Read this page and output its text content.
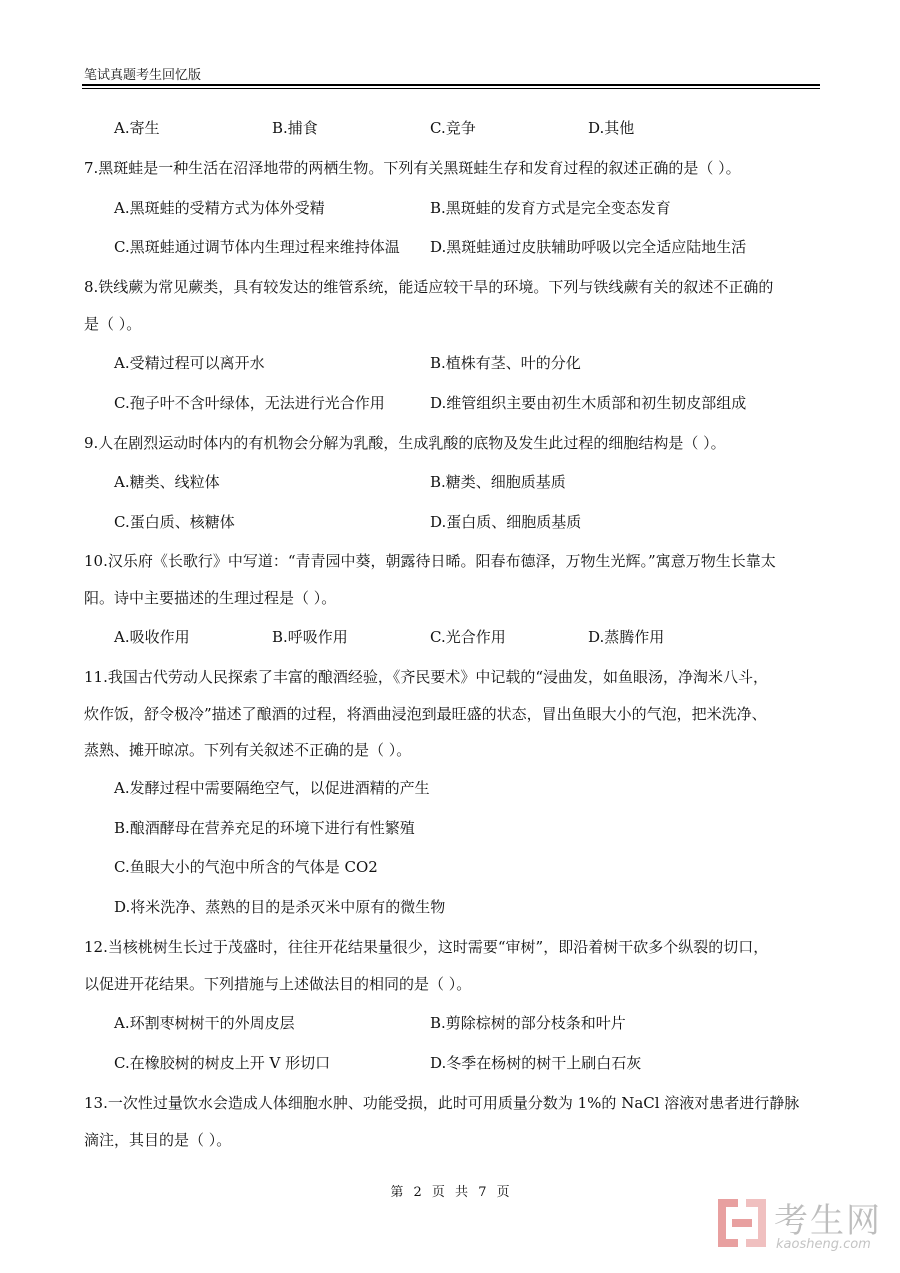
笔试真题考生回忆版
A.寄生	B.捕食	C.竞争	D.其他
7.黑斑蛙是一种生活在沼泽地带的两栖生物。下列有关黑斑蛙生存和发育过程的叙述正确的是（ ）。
A.黑斑蛙的受精方式为体外受精	B.黑斑蛙的发育方式是完全变态发育
C.黑斑蛙通过调节体内生理过程来维持体温 D.黑斑蛙通过皮肤辅助呼吸以完全适应陆地生活
8.铁线蕨为常见蕨类，具有较发达的维管系统，能适应较干旱的环境。下列与铁线蕨有关的叙述不正确的
是（ ）。
A.受精过程可以离开水	B.植株有茎、叶的分化
C.孢子叶不含叶绿体，无法进行光合作用	D.维管组织主要由初生木质部和初生韧皮部组成
9.人在剧烈运动时体内的有机物会分解为乳酸，生成乳酸的底物及发生此过程的细胞结构是（ ）。
A.糖类、线粒体	B.糖类、细胞质基质
C.蛋白质、核糖体	D.蛋白质、细胞质基质
10.汉乐府《长歌行》中写道：“青青园中葵，朝露待日晞。阳春布德泽，万物生光辉。”寓意万物生长靠太
阳。诗中主要描述的生理过程是（ ）。
A.吸收作用	B.呼吸作用	C.光合作用	D.蒸腾作用
11.我国古代劳动人民探索了丰富的酿酒经验，《齐民要术》中记载的“浸曲发，如鱼眼汤，净淘米八斗，
炊作饭，舒令极冷”描述了酿酒的过程，将酒曲浸泡到最旺盛的状态，冒出鱼眼大小的气泡，把米洗净、
蒸熟、摊开晾凉。下列有关叙述不正确的是（ ）。
A.发酵过程中需要隔绝空气，以促进酒精的产生
B.酿酒酵母在营养充足的环境下进行有性繁殖
C.鱼眼大小的气泡中所含的气体是 CO2
D.将米洗净、蒸熟的目的是杀灭米中原有的微生物
12.当核桃树生长过于茂盛时，往往开花结果量很少，这时需要“审树”，即沿着树干砍多个纵裂的切口，
以促进开花结果。下列措施与上述做法目的相同的是（ ）。
A.环割枣树树干的外周皮层	B.剪除棕树的部分枝条和叶片
C.在橡胶树的树皮上开 V 形切口	D.冬季在杨树的树干上刷白石灰
13.一次性过量饮水会造成人体细胞水肿、功能受损，此时可用质量分数为 1%的 NaCl 溶液对患者进行静脉
滴注，其目的是（ ）。
第 2 页 共 7 页
考生网
kaosheng.com
